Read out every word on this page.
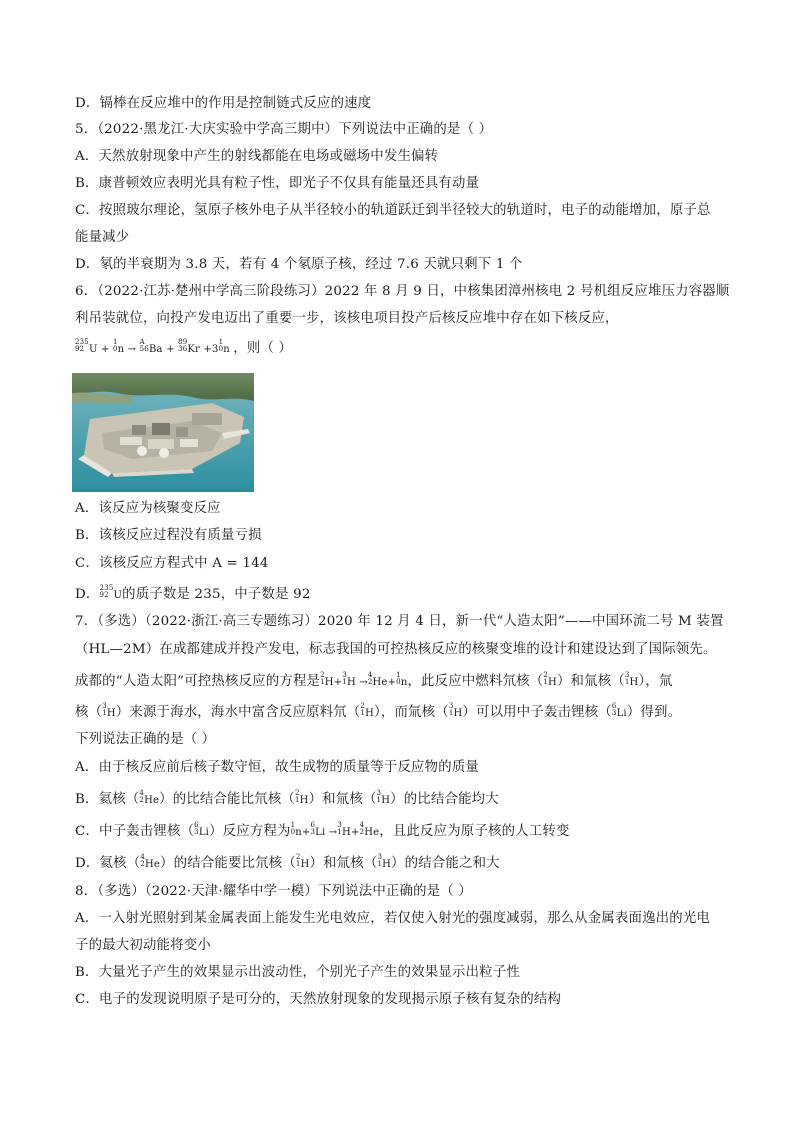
D．镉棒在反应堆中的作用是控制链式反应的速度
5．（2022·黑龙江·大庆实验中学高三期中）下列说法中正确的是（ ）
A．天然放射现象中产生的射线都能在电场或磁场中发生偏转
B．康普顿效应表明光具有粒子性，即光子不仅具有能量还具有动量
C．按照玻尔理论，氢原子核外电子从半径较小的轨道跃迁到半径较大的轨道时，电子的动能增加，原子总
能量减少
D．氡的半衰期为 3.8 天，若有 4 个氡原子核，经过 7.6 天就只剩下 1 个
6．（2022·江苏·楚州中学高三阶段练习）2022 年 8 月 9 日，中核集团漳州核电 2 号机组反应堆压力容器顺
利吊装就位，向投产发电迈出了重要一步，该核电项目投产后核反应堆中存在如下核反应，
235
92 U +
1
0 n →
A
56 Ba +
89
36 Kr +3
1
0 n ，则（ ）
A．该反应为核聚变反应
B．该核反应过程没有质量亏损
C．该核反应方程式中 A = 144
D． 235
92 U的质子数是 235，中子数是 92
7．（多选）（2022·浙江·高三专题练习）2020 年 12 月 4 日，新一代“人造太阳”——中国环流二号 M 装置
（HL—2M）在成都建成并投产发电，标志我国的可控热核反应的核聚变堆的设计和建设达到了国际领先。
成都的“人造太阳”可控热核反应的方程是 2
1 H+
3
1 H →
4
2 He+
1
0 n，此反应中燃料氘核（ 2
1 H）和氚核（ 3
1 H），氚
核（ 3
1 H）来源于海水，海水中富含反应原料氘（ 2
1 H），而氚核（ 3
1 H）可以用中子轰击锂核（ 6
3 Li）得到。
下列说法正确的是（ ）
A．由于核反应前后核子数守恒，故生成物的质量等于反应物的质量
B．氦核（ 4
2 He）的比结合能比氘核（ 2
1 H）和氚核（ 3
1 H）的比结合能均大
C．中子轰击锂核（ 6
3 Li）反应方程为 1
0 n+
6
3 Li →
3
1 H+
4
2 He，且此反应为原子核的人工转变
D．氦核（ 4
2 He）的结合能要比氘核（ 2
1 H）和氚核（ 3
1 H）的结合能之和大
8．（多选）（2022·天津·耀华中学一模）下列说法中正确的是（ ）
A．一入射光照射到某金属表面上能发生光电效应，若仅使入射光的强度减弱，那么从金属表面逸出的光电
子的最大初动能将变小
B．大量光子产生的效果显示出波动性，个别光子产生的效果显示出粒子性
C．电子的发现说明原子是可分的，天然放射现象的发现揭示原子核有复杂的结构
